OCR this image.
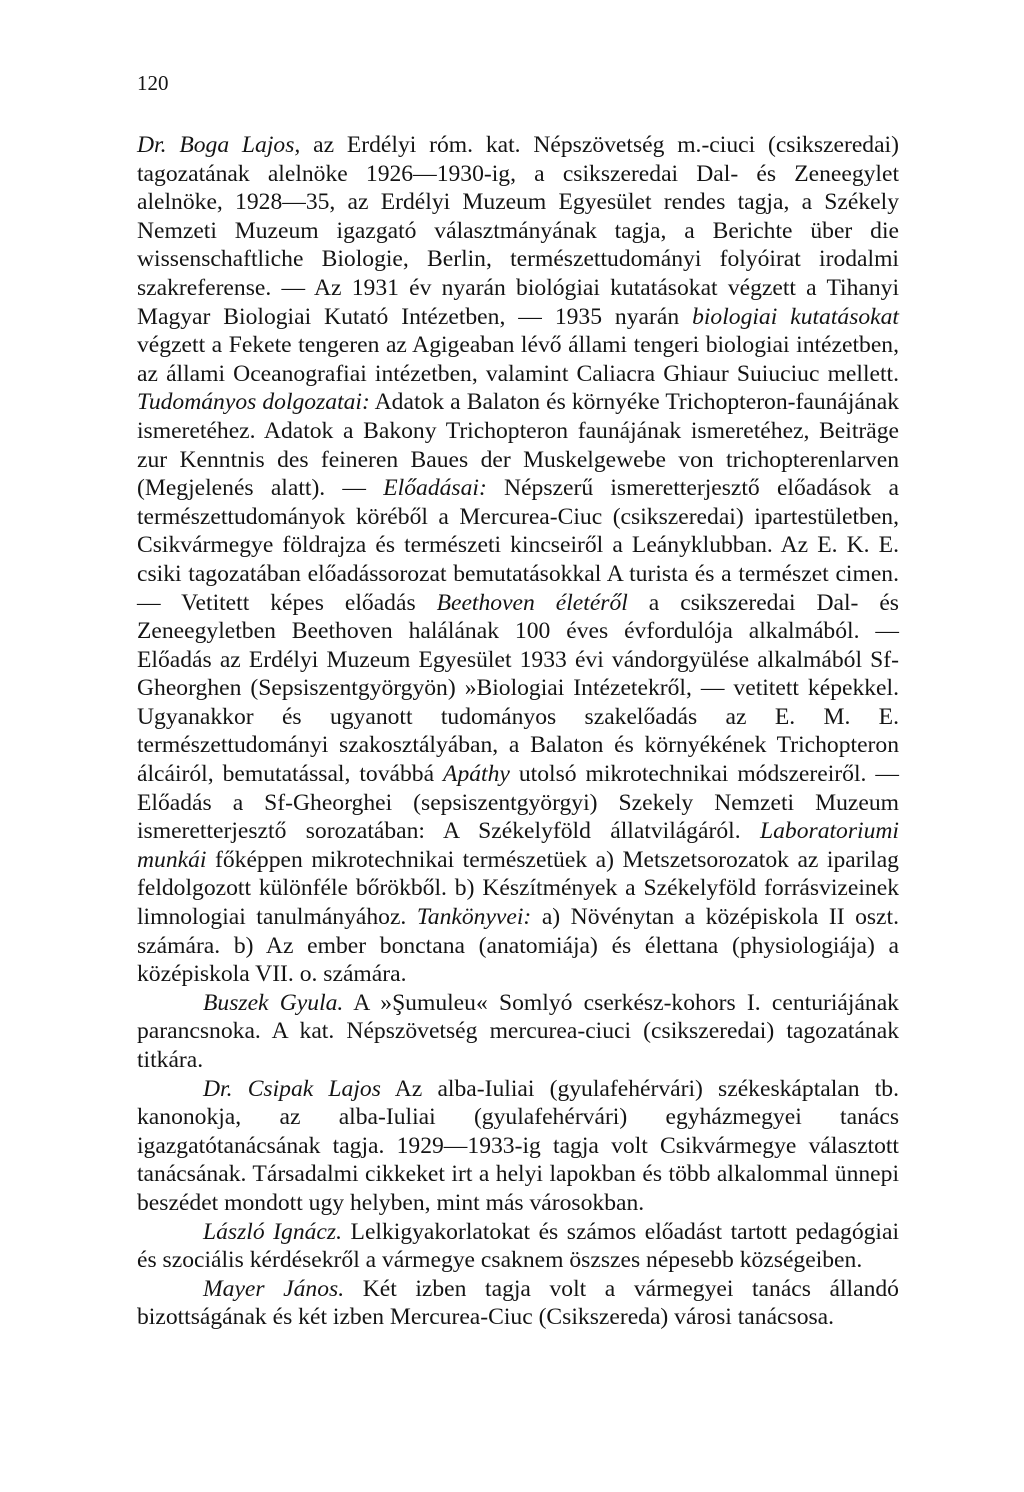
120

Dr. Boga Lajos, az Erdélyi róm. kat. Népszövetség m.-ciuci (csikszeredai) tagozatának alelnöke 1926—1930-ig, a csikszeredai Dal- és Zeneegylet alelnöke, 1928—35, az Erdélyi Muzeum Egyesület rendes tagja, a Székely Nemzeti Muzeum igazgató választmányának tagja, a Berichte über die wissenschaftliche Biologie, Berlin, természettudományi folyóirat irodalmi szakreferense. — Az 1931 év nyarán biológiai kutatásokat végzett a Tihanyi Magyar Biologiai Kutató Intézetben, — 1935 nyarán biologiai kutatásokat végzett a Fekete tengeren az Agigeaban lévő állami tengeri biologiai intézetben, az állami Oceanografiai intézetben, valamint Caliacra Ghiaur Suiuciuc mellett. Tudományos dolgozatai: Adatok a Balaton és környéke Trichopteron-faunájának ismeretéhez. Adatok a Bakony Trichopteron faunájának ismeretéhez, Beiträge zur Kenntnis des feineren Baues der Muskelgewebe von trichopterenlarven (Megjelenés alatt). — Előadásai: Népszerű ismeretterjesztő előadások a természettudományok köréből a Mercurea-Ciuc (csikszeredai) ipartestületben, Csikvármegye földrajza és természeti kincseiről a Leányklubban. Az E. K. E. csiki tagozatában előadássorozat bemutatásokkal A turista és a természet cimen. — Vetitett képes előadás Beethoven életéről a csikszeredai Dal- és Zeneegyletben Beethoven halálának 100 éves évfordulója alkalmából. — Előadás az Erdélyi Muzeum Egyesület 1933 évi vándorgyülése alkalmából Sf-Gheorghen (Sepsiszentgyörgyön) »Biologiai Intézetekről, — vetitett képekkel. Ugyanakkor és ugyanott tudományos szakelőadás az E. M. E. természettudományi szakosztályában, a Balaton és környékének Trichopteron álcáiról, bemutatással, továbbá Apáthy utolsó mikrotechnikai módszereiről. — Előadás a Sf-Gheorghei (sepsiszentgyörgyi) Szekely Nemzeti Muzeum ismeretterjesztő sorozatában: A Székelyföld állatvilágáról. Laboratoriumi munkái főképpen mikrotechnikai természetüek a) Metszetsorozatok az iparilag feldolgozott különféle bőrökből. b) Készítmények a Székelyföld forrásvizeinek limnologiai tanulmányához. Tankönyvei: a) Növénytan a középiskola II oszt. számára. b) Az ember bonctana (anatomiája) és élettana (physiologiája) a középiskola VII. o. számára.

Buszek Gyula. A »Şumuleu« Somlyó cserkész-kohors I. centuriájának parancsnoka. A kat. Népszövetség mercurea-ciuci (csikszeredai) tagozatának titkára.

Dr. Csipak Lajos Az alba-Iuliai (gyulafehérvári) székeskáptalan tb. kanonokja, az alba-Iuliai (gyulafehérvári) egyházmegyei tanács igazgatótanácsának tagja. 1929—1933-ig tagja volt Csikvármegye választott tanácsának. Társadalmi cikkeket irt a helyi lapokban és több alkalommal ünnepi beszédet mondott ugy helyben, mint más városokban.

László Ignácz. Lelkigyakorlatokat és számos előadást tartott pedagógiai és szociális kérdésekről a vármegye csaknem öszszes népesebb községeiben.

Mayer János. Két izben tagja volt a vármegyei tanács állandó bizottságának és két izben Mercurea-Ciuc (Csikszereda) városi tanácsosa.
